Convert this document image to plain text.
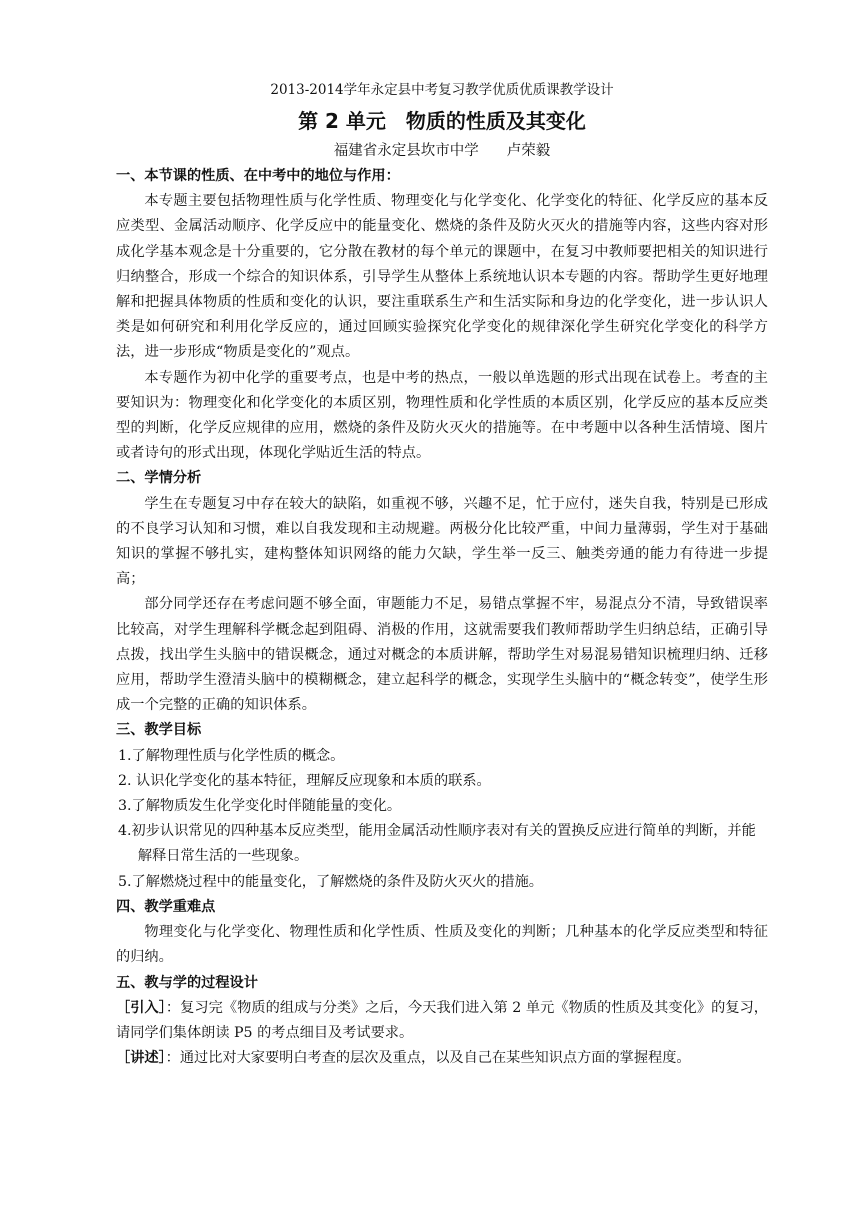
2013-2014学年永定县中考复习教学优质优质课教学设计
第 2 单元　物质的性质及其变化
福建省永定县坎市中学 卢荣毅
一、本节课的性质、在中考中的地位与作用：

本专题主要包括物理性质与化学性质、物理变化与化学变化、化学变化的特征、化学反应的基本反应类型、金属活动顺序、化学反应中的能量变化、燃烧的条件及防火灭火的措施等内容，这些内容对形成化学基本观念是十分重要的，它分散在教材的每个单元的课题中，在复习中教师要把相关的知识进行归纳整合，形成一个综合的知识体系，引导学生从整体上系统地认识本专题的内容。帮助学生更好地理解和把握具体物质的性质和变化的认识，要注重联系生产和生活实际和身边的化学变化，进一步认识人类是如何研究和利用化学反应的，通过回顾实验探究化学变化的规律深化学生研究化学变化的科学方法，进一步形成“物质是变化的”观点。

本专题作为初中化学的重要考点，也是中考的热点，一般以单选题的形式出现在试卷上。考查的主要知识为：物理变化和化学变化的本质区别，物理性质和化学性质的本质区别，化学反应的基本反应类型的判断，化学反应规律的应用，燃烧的条件及防火灭火的措施等。在中考题中以各种生活情境、图片或者诗句的形式出现，体现化学贴近生活的特点。

二、学情分析

学生在专题复习中存在较大的缺陷，如重视不够，兴趣不足，忙于应付，迷失自我，特别是已形成的不良学习认知和习惯，难以自我发现和主动规避。两极分化比较严重，中间力量薄弱，学生对于基础知识的掌握不够扎实，建构整体知识网络的能力欠缺，学生举一反三、触类旁通的能力有待进一步提高；

部分同学还存在考虑问题不够全面，审题能力不足，易错点掌握不牢，易混点分不清，导致错误率比较高，对学生理解科学概念起到阻碍、消极的作用，这就需要我们教师帮助学生归纳总结，正确引导点拨，找出学生头脑中的错误概念，通过对概念的本质讲解，帮助学生对易混易错知识梳理归纳、迁移应用，帮助学生澄清头脑中的模糊概念，建立起科学的概念，实现学生头脑中的“概念转变”，使学生形成一个完整的正确的知识体系。

三、教学目标
1.了解物理性质与化学性质的概念。
2. 认识化学变化的基本特征，理解反应现象和本质的联系。
3.了解物质发生化学变化时伴随能量的变化。
4.初步认识常见的四种基本反应类型，能用金属活动性顺序表对有关的置换反应进行简单的判断，并能解释日常生活的一些现象。
5.了解燃烧过程中的能量变化，了解燃烧的条件及防火灭火的措施。
四、教学重难点

物理变化与化学变化、物理性质和化学性质、性质及变化的判断；几种基本的化学反应类型和特征的归纳。

五、教与学的过程设计

［引入］：复习完《物质的组成与分类》之后，今天我们进入第 2 单元《物质的性质及其变化》的复习，请同学们集体朗读 P5 的考点细目及考试要求。

［讲述］：通过比对大家要明白考查的层次及重点，以及自己在某些知识点方面的掌握程度。
